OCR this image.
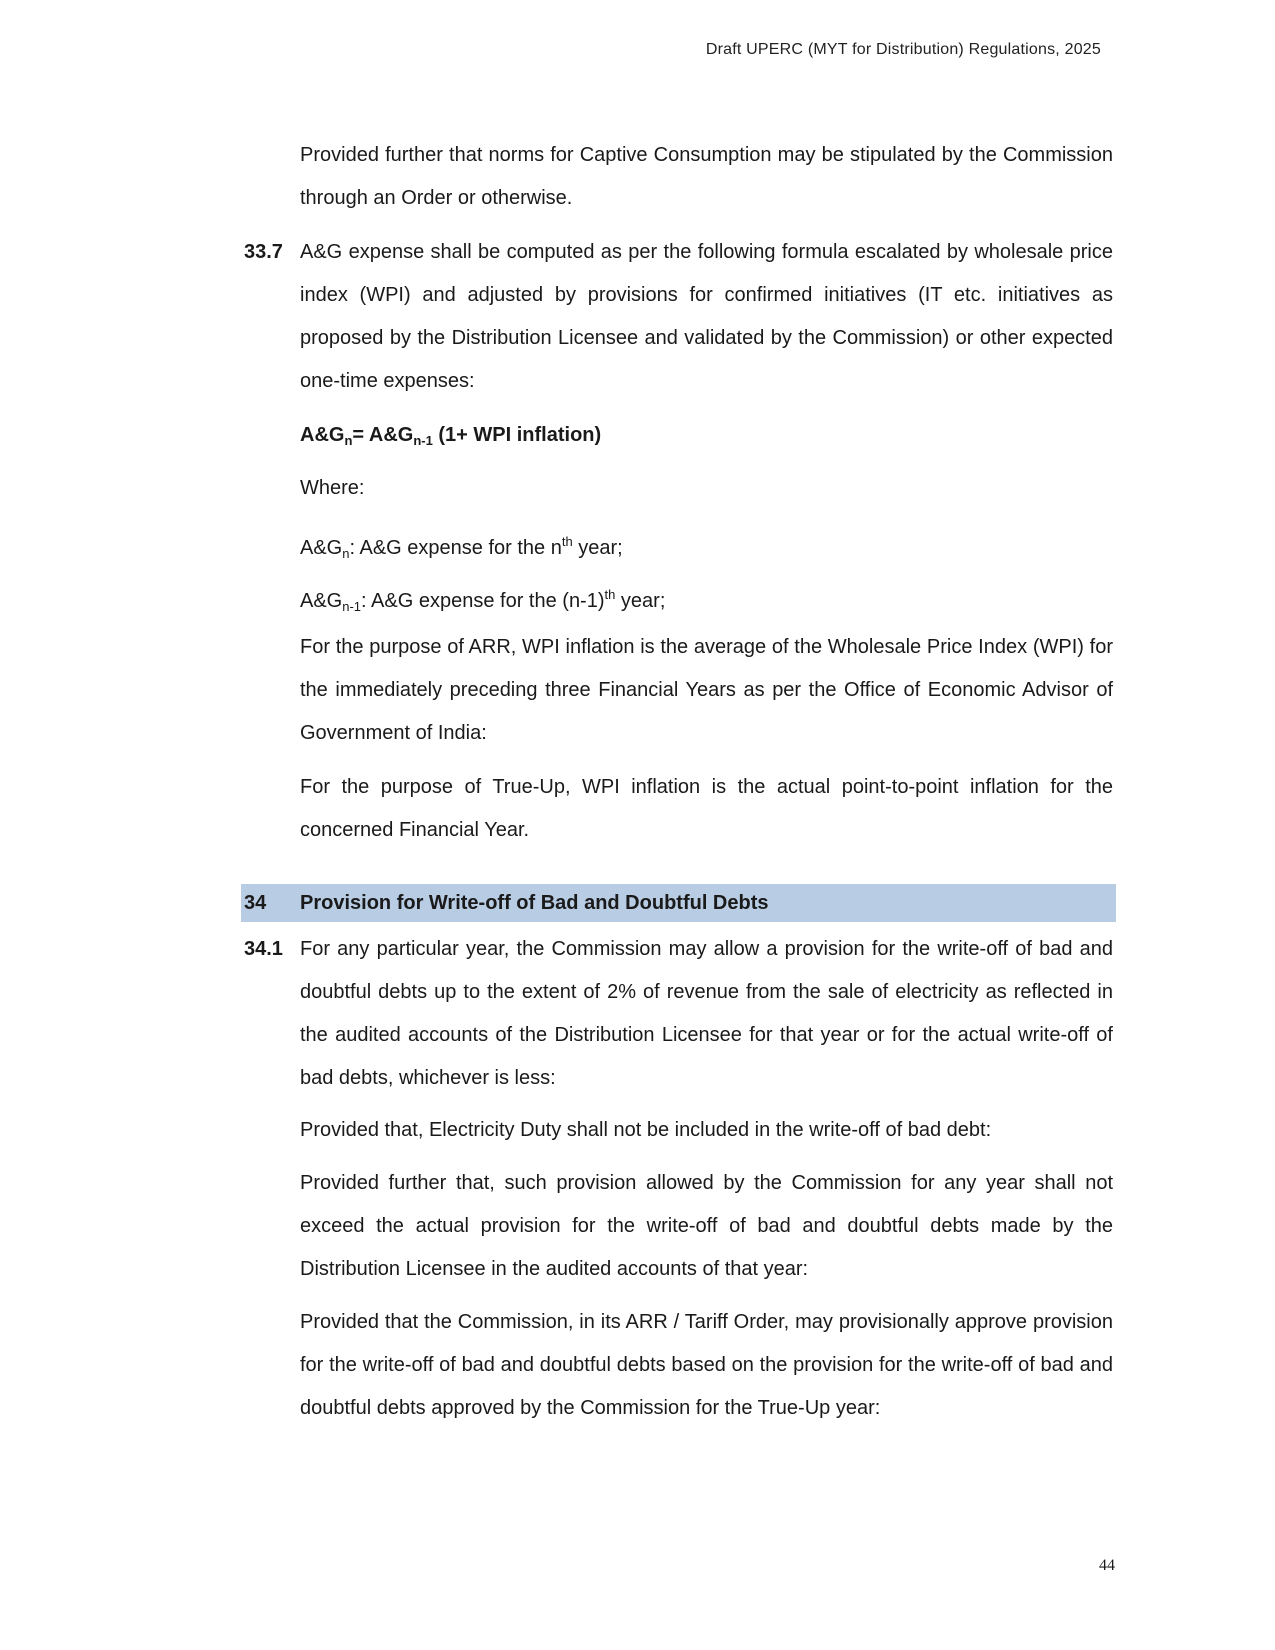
Draft UPERC (MYT for Distribution) Regulations, 2025

Provided further that norms for Captive Consumption may be stipulated by the Commission through an Order or otherwise.

33.7 A&G expense shall be computed as per the following formula escalated by wholesale price index (WPI) and adjusted by provisions for confirmed initiatives (IT etc. initiatives as proposed by the Distribution Licensee and validated by the Commission) or other expected one-time expenses:

$A\&G_n=$ $A\&G_{n-1}$ (1+ WPI inflation)
Where:
$A\&G_n$: A&G expense for the $n^{th}$ year;
$A\&G_{n-1}$: A&G expense for the $(n-1)^{th}$ year;

For the purpose of ARR, WPI inflation is the average of the Wholesale Price Index (WPI) for the immediately preceding three Financial Years as per the Office of Economic Advisor of Government of India:

For the purpose of True-Up, WPI inflation is the actual point-to-point inflation for the concerned Financial Year.

34 Provision for Write-off of Bad and Doubtful Debts
34.1 For any particular year, the Commission may allow a provision for the write-off of bad and doubtful debts up to the extent of 2% of revenue from the sale of electricity as reflected in the audited accounts of the Distribution Licensee for that year or for the actual write-off of bad debts, whichever is less:

Provided that, Electricity Duty shall not be included in the write-off of bad debt:

Provided further that, such provision allowed by the Commission for any year shall not exceed the actual provision for the write-off of bad and doubtful debts made by the Distribution Licensee in the audited accounts of that year:

Provided that the Commission, in its ARR / Tariff Order, may provisionally approve provision for the write-off of bad and doubtful debts based on the provision for the write-off of bad and doubtful debts approved by the Commission for the True-Up year:

44
